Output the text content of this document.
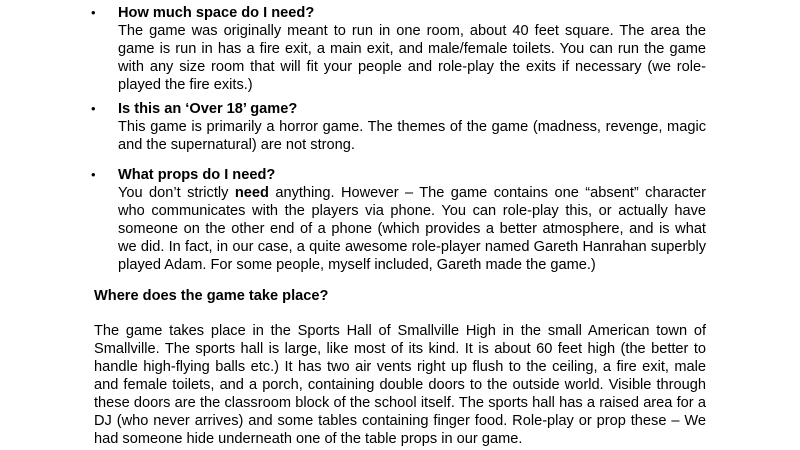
• How much space do I need?
The game was originally meant to run in one room, about 40 feet square. The area the game is run in has a fire exit, a main exit, and male/female toilets. You can run the game with any size room that will fit your people and role-play the exits if necessary (we role-played the fire exits.)
• Is this an ‘Over 18’ game?
This game is primarily a horror game. The themes of the game (madness, revenge, magic and the supernatural) are not strong.
• What props do I need?
You don’t strictly need anything. However – The game contains one “absent” character who communicates with the players via phone. You can role-play this, or actually have someone on the other end of a phone (which provides a better atmosphere, and is what we did. In fact, in our case, a quite awesome role-player named Gareth Hanrahan superbly played Adam. For some people, myself included, Gareth made the game.)
Where does the game take place?
The game takes place in the Sports Hall of Smallville High in the small American town of Smallville. The sports hall is large, like most of its kind. It is about 60 feet high (the better to handle high-flying balls etc.) It has two air vents right up flush to the ceiling, a fire exit, male and female toilets, and a porch, containing double doors to the outside world. Visible through these doors are the classroom block of the school itself. The sports hall has a raised area for a DJ (who never arrives) and some tables containing finger food. Role-play or prop these – We had someone hide underneath one of the table props in our game.
